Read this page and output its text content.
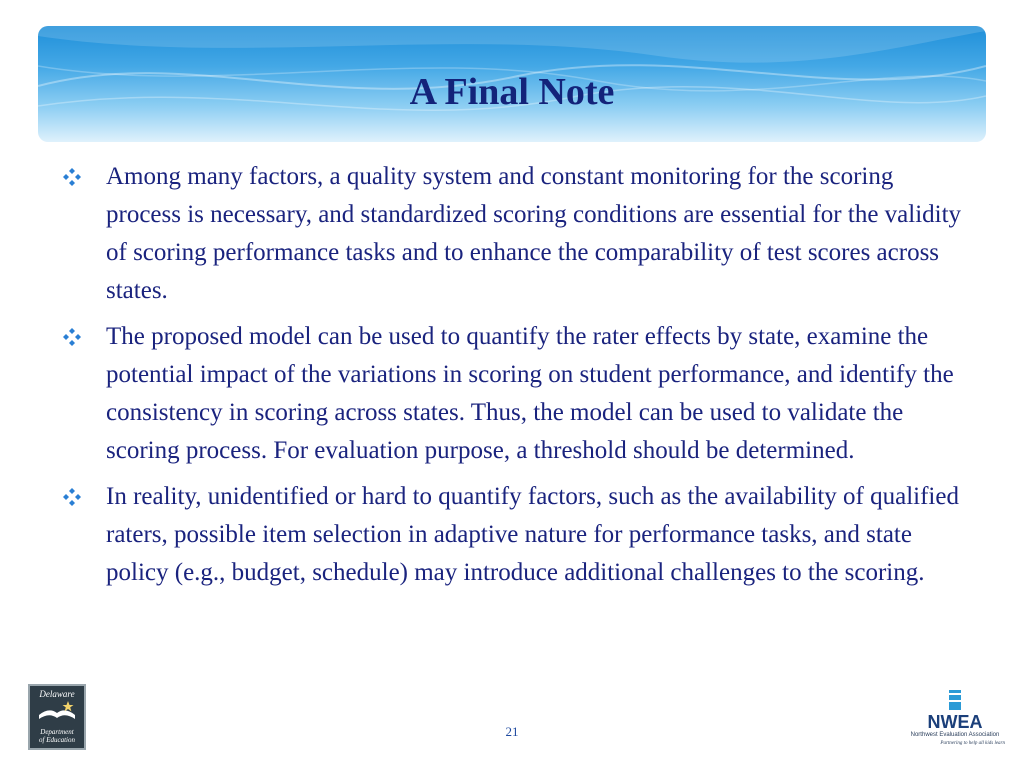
A Final Note
Among many factors, a quality system and constant monitoring for the scoring process is necessary, and standardized scoring conditions are essential for the validity of scoring performance tasks and to enhance the comparability of test scores across states.
The proposed model can be used to quantify the rater effects by state, examine the potential impact of the variations in scoring on student performance, and identify the consistency in scoring across states. Thus, the model can be used to validate the scoring process. For evaluation purpose, a threshold should be determined.
In reality, unidentified or hard to quantify factors, such as the availability of qualified raters, possible item selection in adaptive nature for performance tasks, and state policy (e.g., budget, schedule) may introduce additional challenges to the scoring.
Delaware
Department
of Education
21	NWEA
Northwest Evaluation Association
Partnering to help all kids learn
